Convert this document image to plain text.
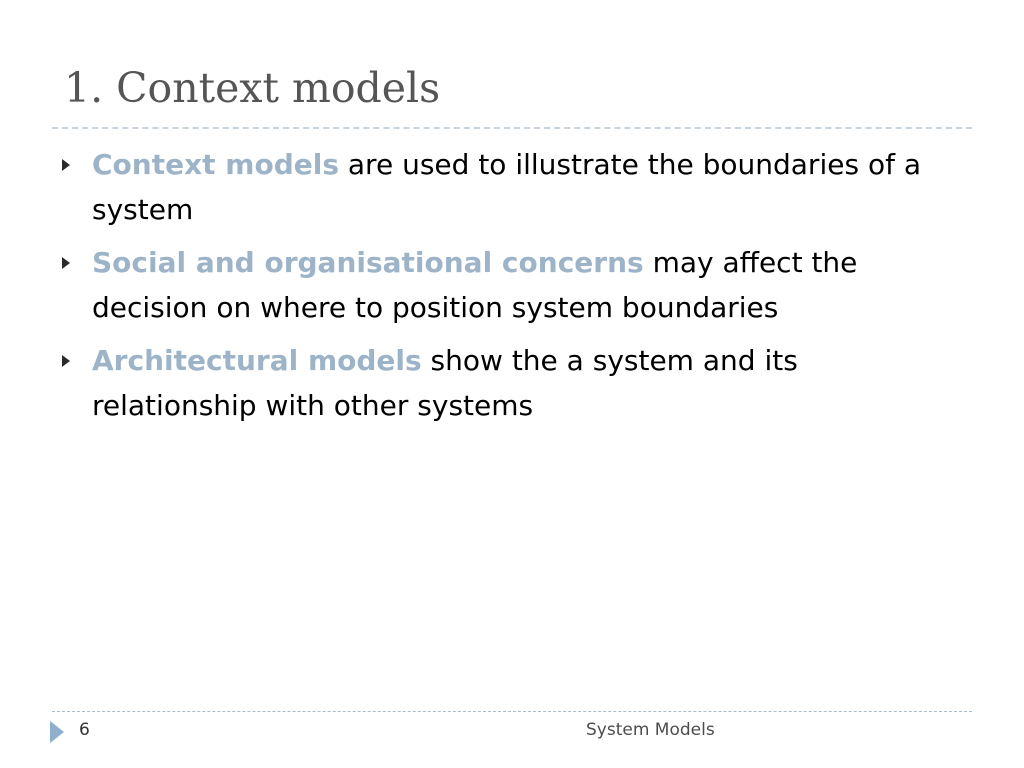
1. Context models
Context models are used to illustrate the boundaries of a system
Social and organisational concerns may affect the decision on where to position system boundaries
Architectural models show the a system and its relationship with other systems
6	System Models
